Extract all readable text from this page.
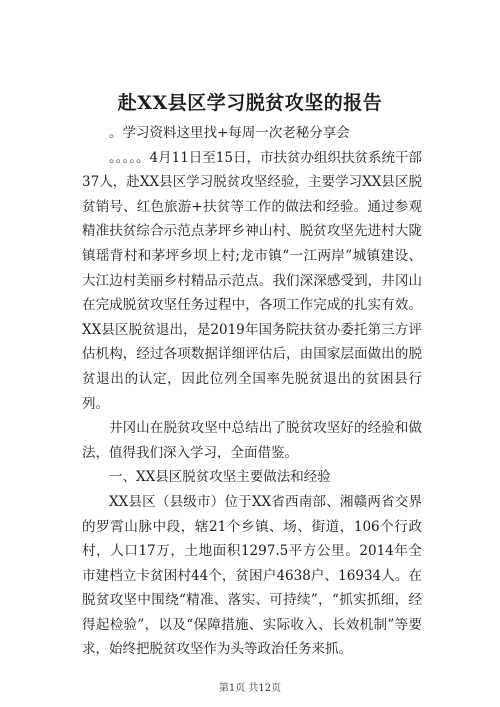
赴XX县区学习脱贫攻坚的报告

。学习资料这里找+每周一次老秘分享会

。。。。。4月11日至15日，市扶贫办组织扶贫系统干部37人，赴XX县区学习脱贫攻坚经验，主要学习XX县区脱贫销号、红色旅游+扶贫等工作的做法和经验。通过参观精准扶贫综合示范点茅坪乡神山村、脱贫攻坚先进村大陇镇瑶背村和茅坪乡坝上村;龙市镇“一江两岸”城镇建设、大江边村美丽乡村精品示范点。我们深深感受到，井冈山在完成脱贫攻坚任务过程中，各项工作完成的扎实有效。XX县区脱贫退出，是2019年国务院扶贫办委托第三方评估机构，经过各项数据详细评估后，由国家层面做出的脱贫退出的认定，因此位列全国率先脱贫退出的贫困县行列。

井冈山在脱贫攻坚中总结出了脱贫攻坚好的经验和做法，值得我们深入学习，全面借鉴。

一、XX县区脱贫攻坚主要做法和经验

XX县区（县级市）位于XX省西南部、湘赣两省交界的罗霄山脉中段，辖21个乡镇、场、街道，106个行政村，人口17万，土地面积1297.5平方公里。2014年全市建档立卡贫困村44个，贫困户4638户、16934人。在脱贫攻坚中围绕“精准、落实、可持续”，“抓实抓细，经得起检验”，以及“保障措施、实际收入、长效机制”等要求，始终把脱贫攻坚作为头等政治任务来抓。

第1页 共12页
